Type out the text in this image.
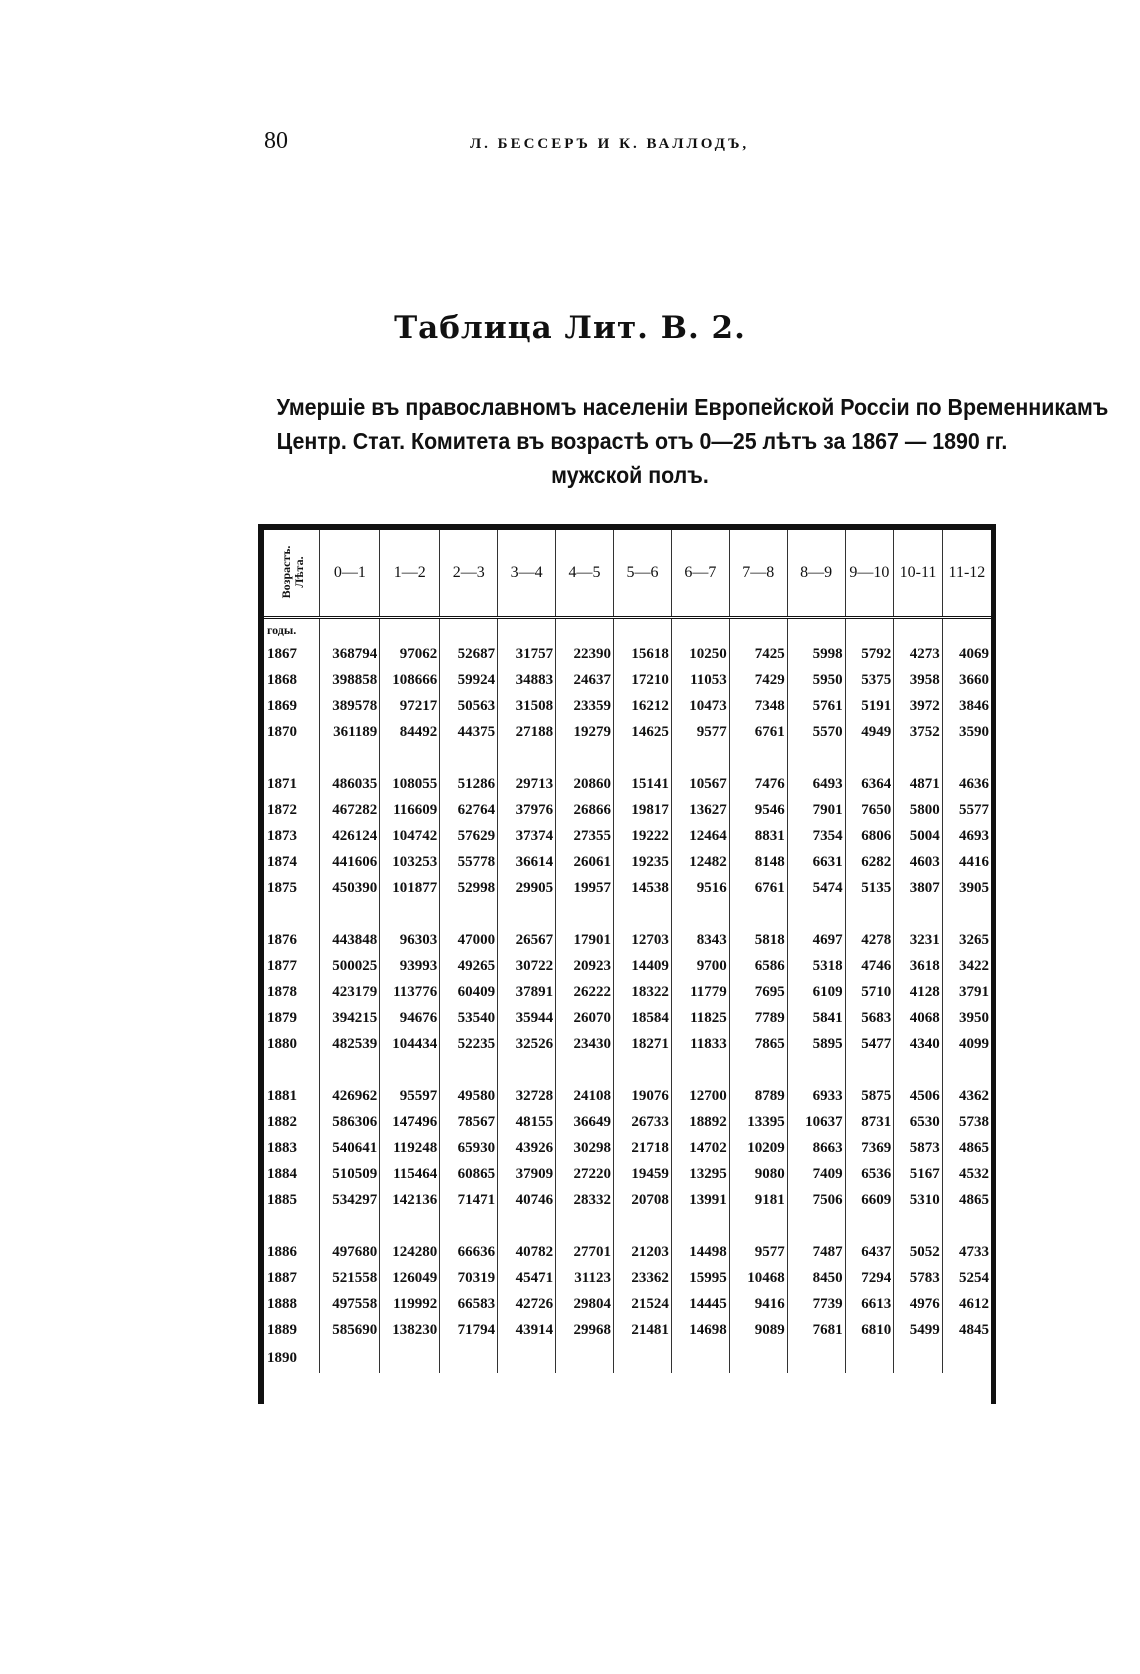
80	Л. БЕССЕРЪ И К. ВАЛЛОДЪ,
Таблица Лит. В. 2.
Умершіе въ православномъ населеніи Европейской Россіи по Временникамъ
Центр. Стат. Комитета въ возрастѣ отъ 0—25 лѣтъ за 1867 — 1890 гг.
мужской полъ.
Возрастъ. Лѣта.	0—1	1—2	2—3	3—4	4—5	5—6	6—7	7—8	8—9	9—10	10-11	11-12
годы.												
1867	368794	97062	52687	31757	22390	15618	10250	7425	5998	5792	4273	4069
1868	398858	108666	59924	34883	24637	17210	11053	7429	5950	5375	3958	3660
1869	389578	97217	50563	31508	23359	16212	10473	7348	5761	5191	3972	3846
1870	361189	84492	44375	27188	19279	14625	9577	6761	5570	4949	3752	3590

1871	486035	108055	51286	29713	20860	15141	10567	7476	6493	6364	4871	4636
1872	467282	116609	62764	37976	26866	19817	13627	9546	7901	7650	5800	5577
1873	426124	104742	57629	37374	27355	19222	12464	8831	7354	6806	5004	4693
1874	441606	103253	55778	36614	26061	19235	12482	8148	6631	6282	4603	4416
1875	450390	101877	52998	29905	19957	14538	9516	6761	5474	5135	3807	3905

1876	443848	96303	47000	26567	17901	12703	8343	5818	4697	4278	3231	3265
1877	500025	93993	49265	30722	20923	14409	9700	6586	5318	4746	3618	3422
1878	423179	113776	60409	37891	26222	18322	11779	7695	6109	5710	4128	3791
1879	394215	94676	53540	35944	26070	18584	11825	7789	5841	5683	4068	3950
1880	482539	104434	52235	32526	23430	18271	11833	7865	5895	5477	4340	4099

1881	426962	95597	49580	32728	24108	19076	12700	8789	6933	5875	4506	4362
1882	586306	147496	78567	48155	36649	26733	18892	13395	10637	8731	6530	5738
1883	540641	119248	65930	43926	30298	21718	14702	10209	8663	7369	5873	4865
1884	510509	115464	60865	37909	27220	19459	13295	9080	7409	6536	5167	4532
1885	534297	142136	71471	40746	28332	20708	13991	9181	7506	6609	5310	4865

1886	497680	124280	66636	40782	27701	21203	14498	9577	7487	6437	5052	4733
1887	521558	126049	70319	45471	31123	23362	15995	10468	8450	7294	5783	5254
1888	497558	119992	66583	42726	29804	21524	14445	9416	7739	6613	4976	4612
1889	585690	138230	71794	43914	29968	21481	14698	9089	7681	6810	5499	4845
1890												
